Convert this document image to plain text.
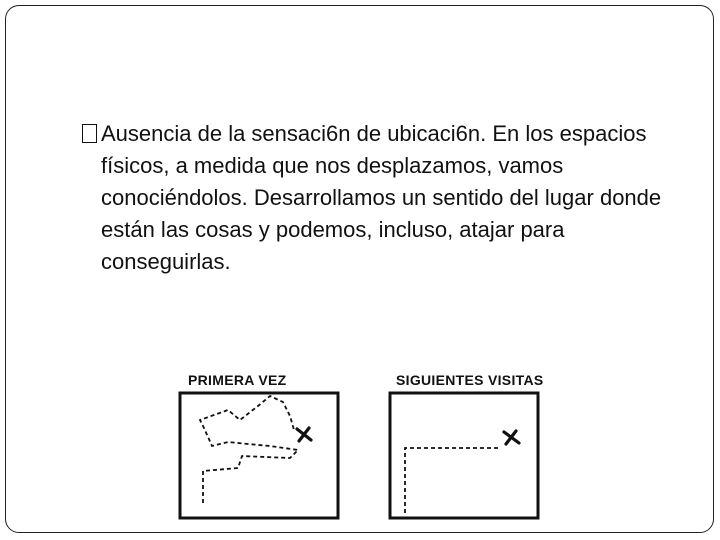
Ausencia de la sensaci6n de ubicaci6n. En los espacios físicos, a medida que nos desplazamos, vamos conociéndolos. Desarrollamos un sentido del lugar donde están las cosas y podemos, incluso, atajar para conseguirlas.
PRIMERA VEZ	SIGUIENTES VISITAS
